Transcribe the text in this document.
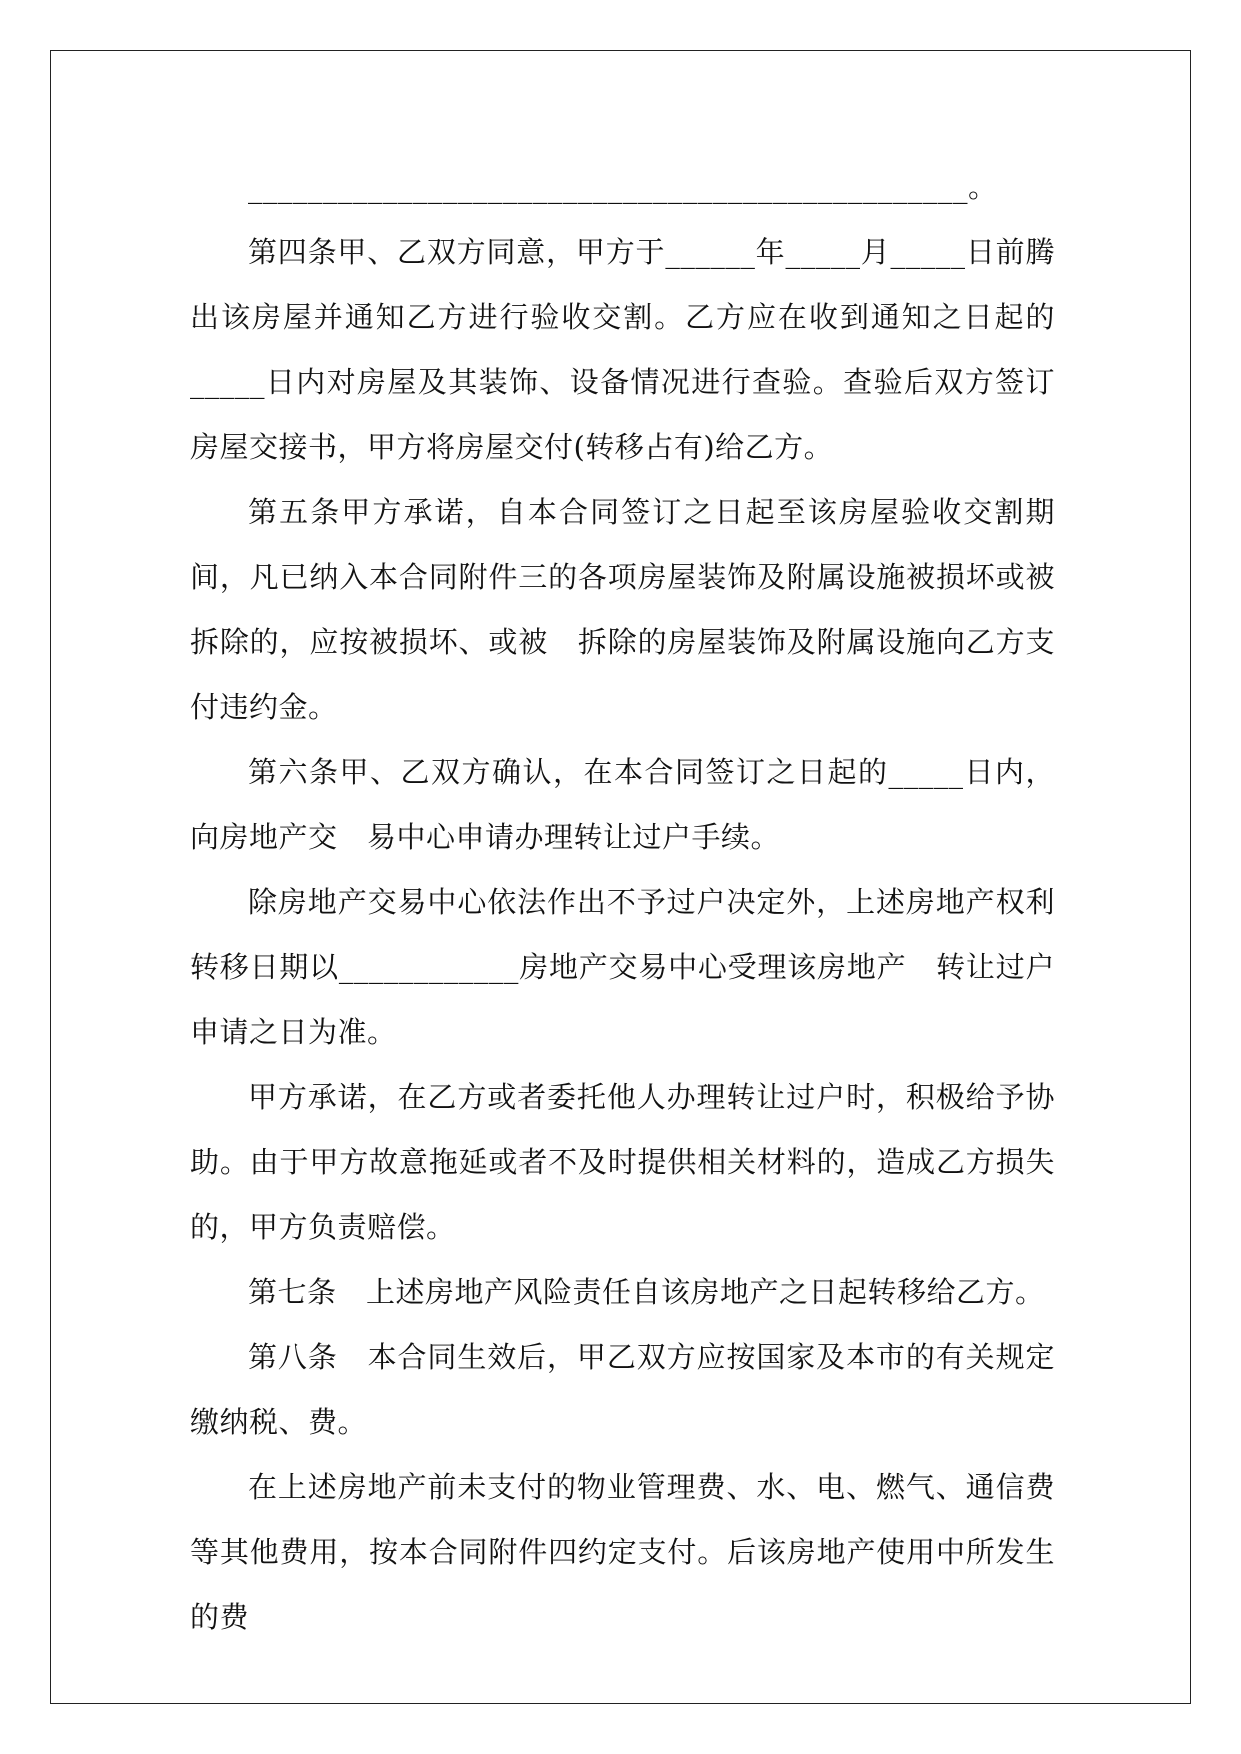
________________________________________________。

第四条甲、乙双方同意，甲方于______年_____月_____日前腾出该房屋并通知乙方进行验收交割。乙方应在收到通知之日起的_____日内对房屋及其装饰、设备情况进行查验。查验后双方签订房屋交接书，甲方将房屋交付(转移占有)给乙方。

第五条甲方承诺，自本合同签订之日起至该房屋验收交割期间，凡已纳入本合同附件三的各项房屋装饰及附属设施被损坏或被拆除的，应按被损坏、或被　拆除的房屋装饰及附属设施向乙方支付违约金。

第六条甲、乙双方确认，在本合同签订之日起的_____日内，向房地产交　易中心申请办理转让过户手续。

除房地产交易中心依法作出不予过户决定外，上述房地产权利转移日期以____________房地产交易中心受理该房地产　转让过户申请之日为准。

甲方承诺，在乙方或者委托他人办理转让过户时，积极给予协助。由于甲方故意拖延或者不及时提供相关材料的，造成乙方损失的，甲方负责赔偿。

第七条　上述房地产风险责任自该房地产之日起转移给乙方。

第八条　本合同生效后，甲乙双方应按国家及本市的有关规定缴纳税、费。

在上述房地产前未支付的物业管理费、水、电、燃气、通信费等其他费用，按本合同附件四约定支付。后该房地产使用中所发生的费
